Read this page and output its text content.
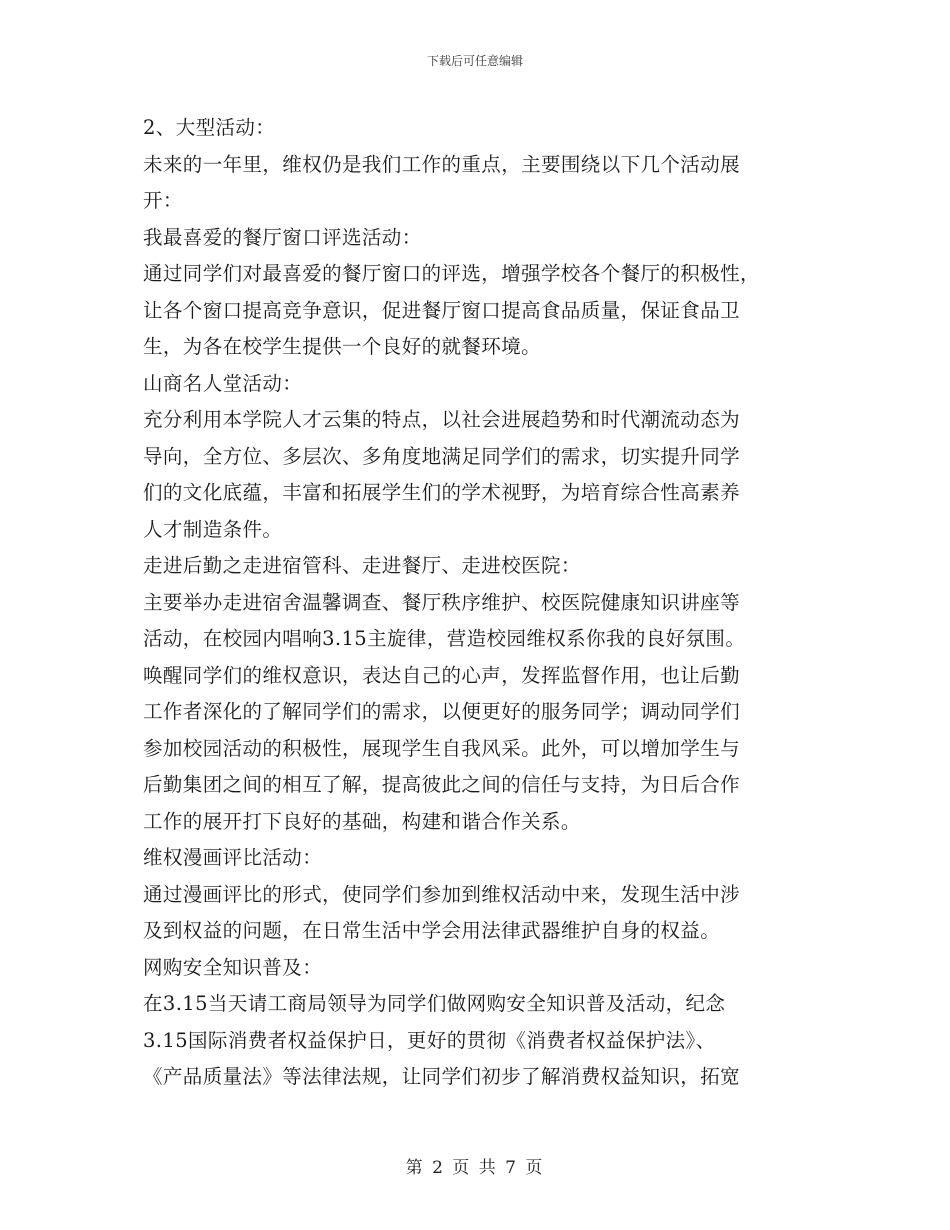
下载后可任意编辑
2、大型活动：
未来的一年里，维权仍是我们工作的重点，主要围绕以下几个活动展
开：
我最喜爱的餐厅窗口评选活动：
通过同学们对最喜爱的餐厅窗口的评选，增强学校各个餐厅的积极性，
让各个窗口提高竞争意识，促进餐厅窗口提高食品质量，保证食品卫
生，为各在校学生提供一个良好的就餐环境。
山商名人堂活动：
充分利用本学院人才云集的特点，以社会进展趋势和时代潮流动态为
导向，全方位、多层次、多角度地满足同学们的需求，切实提升同学
们的文化底蕴，丰富和拓展学生们的学术视野，为培育综合性高素养
人才制造条件。
走进后勤之走进宿管科、走进餐厅、走进校医院：
主要举办走进宿舍温馨调查、餐厅秩序维护、校医院健康知识讲座等
活动，在校园内唱响3.15主旋律，营造校园维权系你我的良好氛围。
唤醒同学们的维权意识，表达自己的心声，发挥监督作用，也让后勤
工作者深化的了解同学们的需求，以便更好的服务同学；调动同学们
参加校园活动的积极性，展现学生自我风采。此外，可以增加学生与
后勤集团之间的相互了解，提高彼此之间的信任与支持，为日后合作
工作的展开打下良好的基础，构建和谐合作关系。
维权漫画评比活动：
通过漫画评比的形式，使同学们参加到维权活动中来，发现生活中涉
及到权益的问题，在日常生活中学会用法律武器维护自身的权益。
网购安全知识普及：
在3.15当天请工商局领导为同学们做网购安全知识普及活动，纪念
3.15国际消费者权益保护日，更好的贯彻《消费者权益保护法》、
《产品质量法》等法律法规，让同学们初步了解消费权益知识，拓宽
第 2 页 共 7 页
